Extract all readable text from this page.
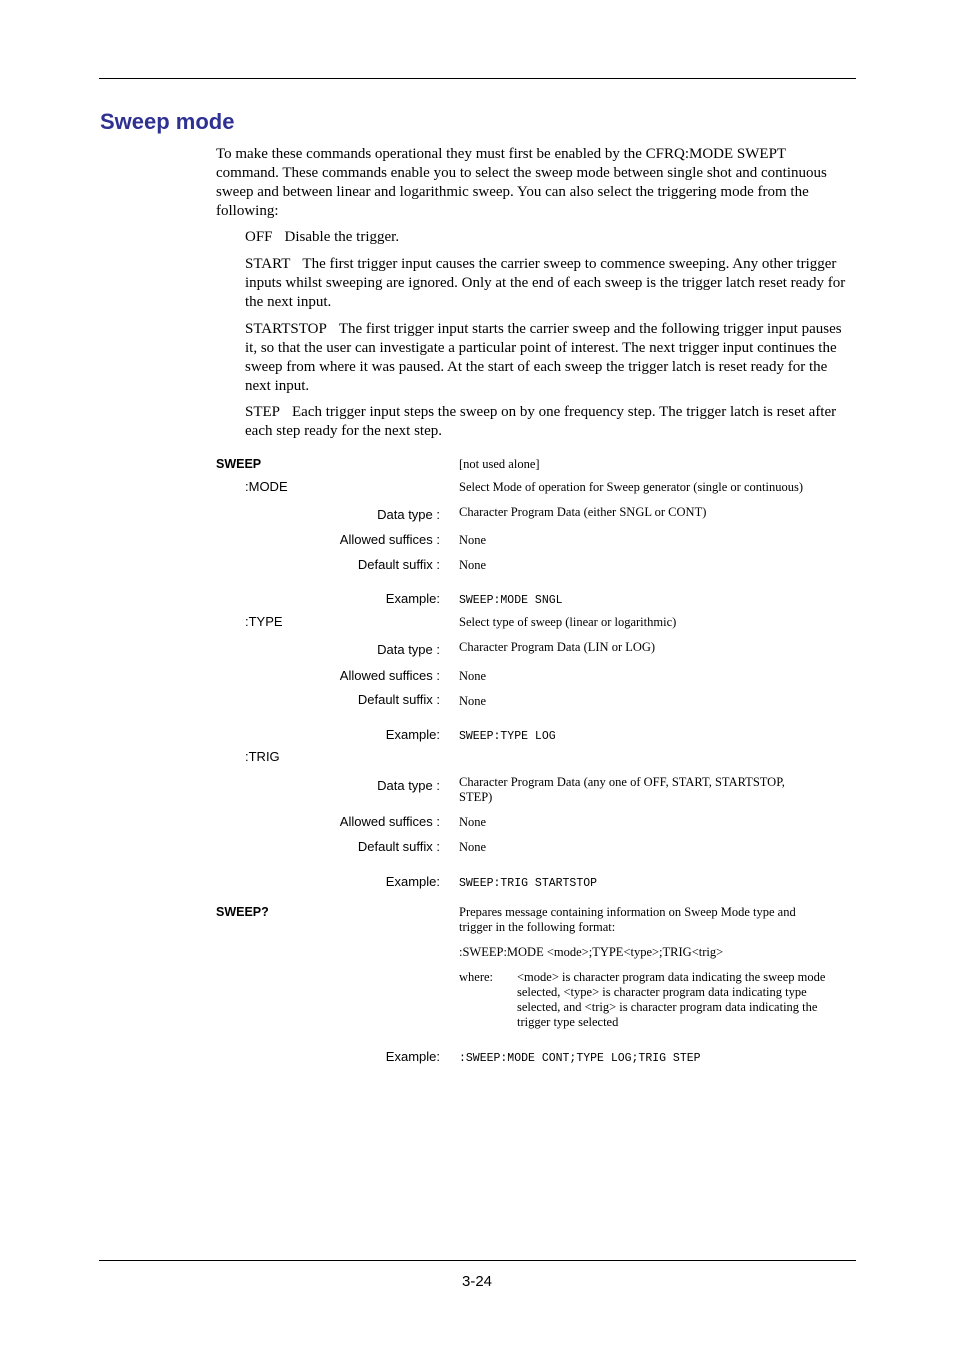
Sweep mode

To make these commands operational they must first be enabled by the CFRQ:MODE SWEPT command. These commands enable you to select the sweep mode between single shot and continuous sweep and between linear and logarithmic sweep. You can also select the triggering mode from the following:

OFF Disable the trigger.

START The first trigger input causes the carrier sweep to commence sweeping. Any other trigger inputs whilst sweeping are ignored. Only at the end of each sweep is the trigger latch reset ready for the next input.

STARTSTOP The first trigger input starts the carrier sweep and the following trigger input pauses it, so that the user can investigate a particular point of interest. The next trigger input continues the sweep from where it was paused. At the start of each sweep the trigger latch is reset ready for the next input.

STEP Each trigger input steps the sweep on by one frequency step. The trigger latch is reset after each step ready for the next step.

SWEEP	[not used alone]
:MODE	Select Mode of operation for Sweep generator (single or continuous)
Data type : Character Program Data (either SNGL or CONT)
Allowed suffices : None
Default suffix : None
Example: SWEEP:MODE SNGL
:TYPE	Select type of sweep (linear or logarithmic)
Data type : Character Program Data (LIN or LOG)
Allowed suffices : None
Default suffix : None
Example: SWEEP:TYPE LOG
:TRIG
Data type : Character Program Data (any one of OFF, START, STARTSTOP, STEP)
Allowed suffices : None
Default suffix : None
Example: SWEEP:TRIG STARTSTOP
SWEEP?	Prepares message containing information on Sweep Mode type and trigger in the following format:
:SWEEP:MODE <mode>;TYPE<type>;TRIG<trig>
where: <mode> is character program data indicating the sweep mode selected, <type> is character program data indicating type selected, and <trig> is character program data indicating the trigger type selected
Example: :SWEEP:MODE CONT;TYPE LOG;TRIG STEP
3-24
